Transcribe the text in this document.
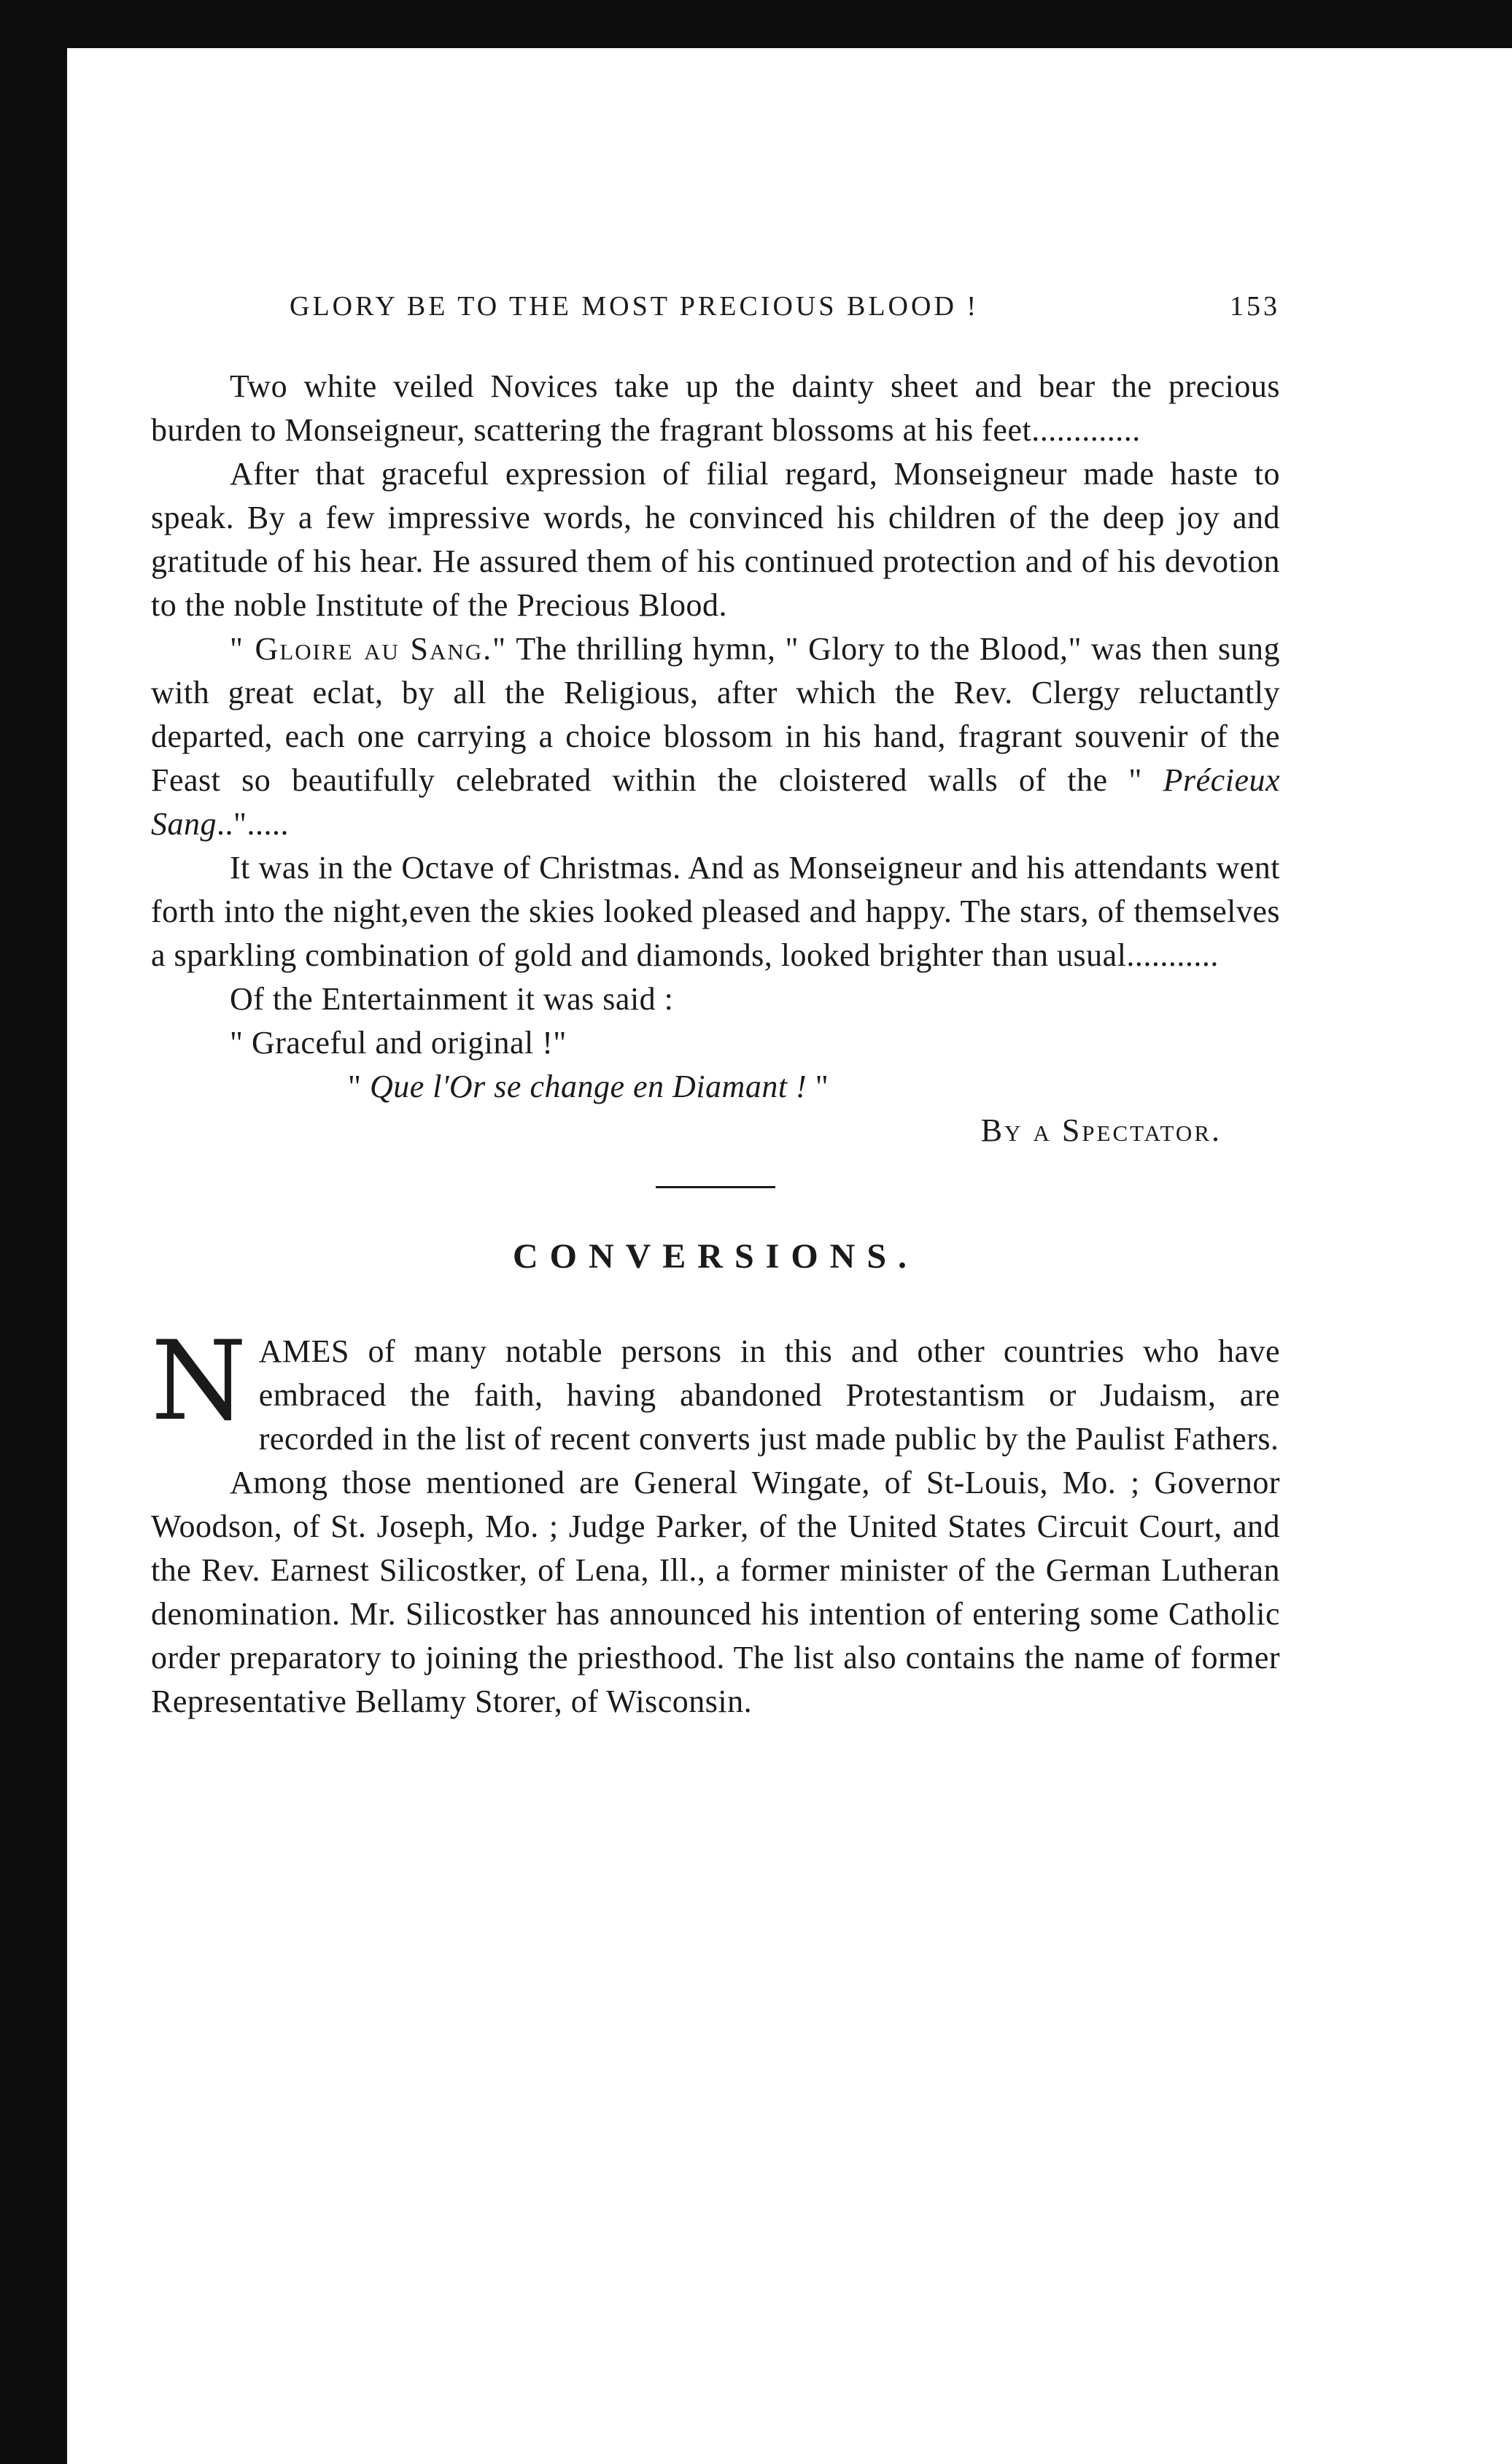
GLORY BE TO THE MOST PRECIOUS BLOOD !	153

Two white veiled Novices take up the dainty sheet and bear the precious burden to Monseigneur, scattering the fragrant blossoms at his feet.............

After that graceful expression of filial regard, Monseigneur made haste to speak. By a few impressive words, he convinced his children of the deep joy and gratitude of his hear. He assured them of his continued protection and of his devotion to the noble Institute of the Precious Blood.

" Gloire au Sang." The thrilling hymn, " Glory to the Blood," was then sung with great eclat, by all the Religious, after which the Rev. Clergy reluctantly departed, each one carrying a choice blossom in his hand, fragrant souvenir of the Feast so beautifully celebrated within the cloistered walls of the " Précieux Sang..".....

It was in the Octave of Christmas. And as Monseigneur and his attendants went forth into the night,even the skies looked pleased and happy. The stars, of themselves a sparkling combination of gold and diamonds, looked brighter than usual...........

Of the Entertainment it was said :

" Graceful and original !"

" Que l'Or se change en Diamant ! "

By a Spectator.

CONVERSIONS.
N AMES of many notable persons in this and other countries who have embraced the faith, having abandoned Protestantism or Judaism, are recorded in the list of recent converts just made public by the Paulist Fathers.

Among those mentioned are General Wingate, of St-Louis, Mo. ; Governor Woodson, of St. Joseph, Mo. ; Judge Parker, of the United States Circuit Court, and the Rev. Earnest Silicostker, of Lena, Ill., a former minister of the German Lutheran denomination. Mr. Silicostker has announced his intention of entering some Catholic order preparatory to joining the priesthood. The list also contains the name of former Representative Bellamy Storer, of Wisconsin.
